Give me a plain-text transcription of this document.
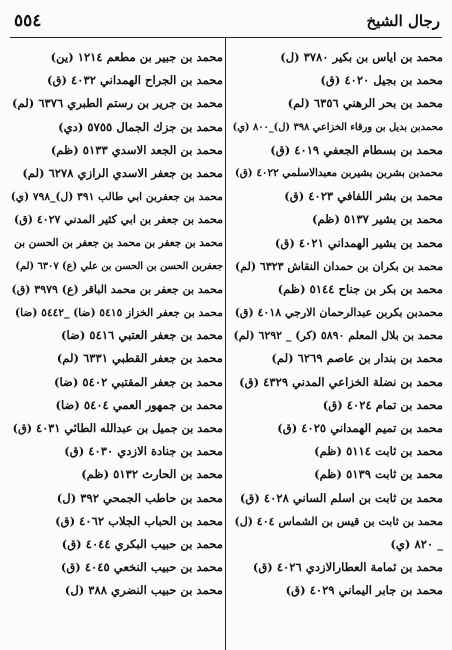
رجال الشيخ
٥٥٤
محمد بن اياس بن بكير ٣٧٨٠ (ل)
محمد بن بجيل ٤٠٢٠ (ق)
محمد بن بحر الرهني ٦٣٥٦ (لم)
محمدبن بديل بن ورقاء الخزاعي ٣٩٨ (ل)_٨٠٠ (ي)
محمد بن بسطام الجعفي ٤٠١٩ (ق)
محمدبن بشربن بشيربن معبدالاسلمي ٤٠٢٢ (ق)
محمد بن بشر اللفافي ٤٠٢٣ (ق)
محمد بن بشير ٥١٣٧ (ظم)
محمد بن بشير الهمداني ٤٠٢١ (ق)
محمد بن بكران بن حمدان النقاش ٦٣٢٣ (لم)
محمد بن بكر بن جناح ٥١٤٤ (ظم)
محمدبن بكربن عبدالرحمان الارجي ٤٠١٨ (ق)
محمد بن بلال المعلم ٥٨٩٠ (كر) _ ٦٢٩٢ (لم)
محمد بن بندار بن عاصم ٦٢٦٩ (لم)
محمد بن نضلة الخزاعي المدني ٤٣٢٩ (ق)
محمد بن تمام ٤٠٢٤ (ق)
محمد بن تميم الهمداني ٤٠٢٥ (ق)
محمد بن ثابت ٥١١٤ (ظم)
محمد بن ثابت ٥١٣٩ (ظم)
محمد بن ثابت بن اسلم الساني ٤٠٢٨ (ق)
محمد بن ثابت بن قيس بن الشماس ٤٠٤ (ل)
_ ٨٢٠ (ي)
محمد بن ثمامة العطارالازدي ٤٠٢٦ (ق)
محمد بن جابر اليماني ٤٠٢٩ (ق)
محمد بن جبير بن مطعم ١٢١٤ (ين)
محمد بن الجراح الهمداني ٤٠٣٢ (ق)
محمد بن جرير بن رستم الطبري ٦٣٧٦ (لم)
محمد بن جزك الجمال ٥٧٥٥ (دي)
محمد بن الجعد الاسدي ٥١٣٣ (ظم)
محمد بن جعفر الاسدي الرازي ٦٢٧٨ (لم)
محمد بن جعفربن ابي طالب ٣٩١ (ل)_٧٩٨ (ي)
محمد بن جعفر بن ابي كثير المدني ٤٠٢٧ (ق)
محمد بن جعفر بن محمد بن جعفر بن الحسن بن
جعفربن الحسن بن الحسن بن علي (ع) ٦٣٠٧ (لم)
محمد بن جعفر بن محمد الباقر (ع) ٣٩٧٩ (ق)
محمد بن جعفر الخزاز ٥٤١٥ (ضا) _٥٤٤٢ (ضا)
محمد بن جعفر العتبي ٥٤١٦ (ضا)
محمد بن جعفر القطبي ٦٣٣١ (لم)
محمد بن جعفر المقتبي ٥٤٠٢ (ضا)
محمد بن جمهور العمي ٥٤٠٤ (ضا)
محمد بن جميل بن عبدالله الطائي ٤٠٣١ (ق)
محمد بن جنادة الازدي ٤٠٣٠ (ق)
محمد بن الحارث ٥١٣٢ (ظم)
محمد بن حاطب الجمحي ٣٩٢ (ل)
محمد بن الحباب الجلاب ٤٠٦٢ (ق)
محمد بن حبيب البكري ٤٠٤٤ (ق)
محمد بن حبيب النخعي ٤٠٤٥ (ق)
محمد بن حبيب النضري ٣٨٨ (ل)
